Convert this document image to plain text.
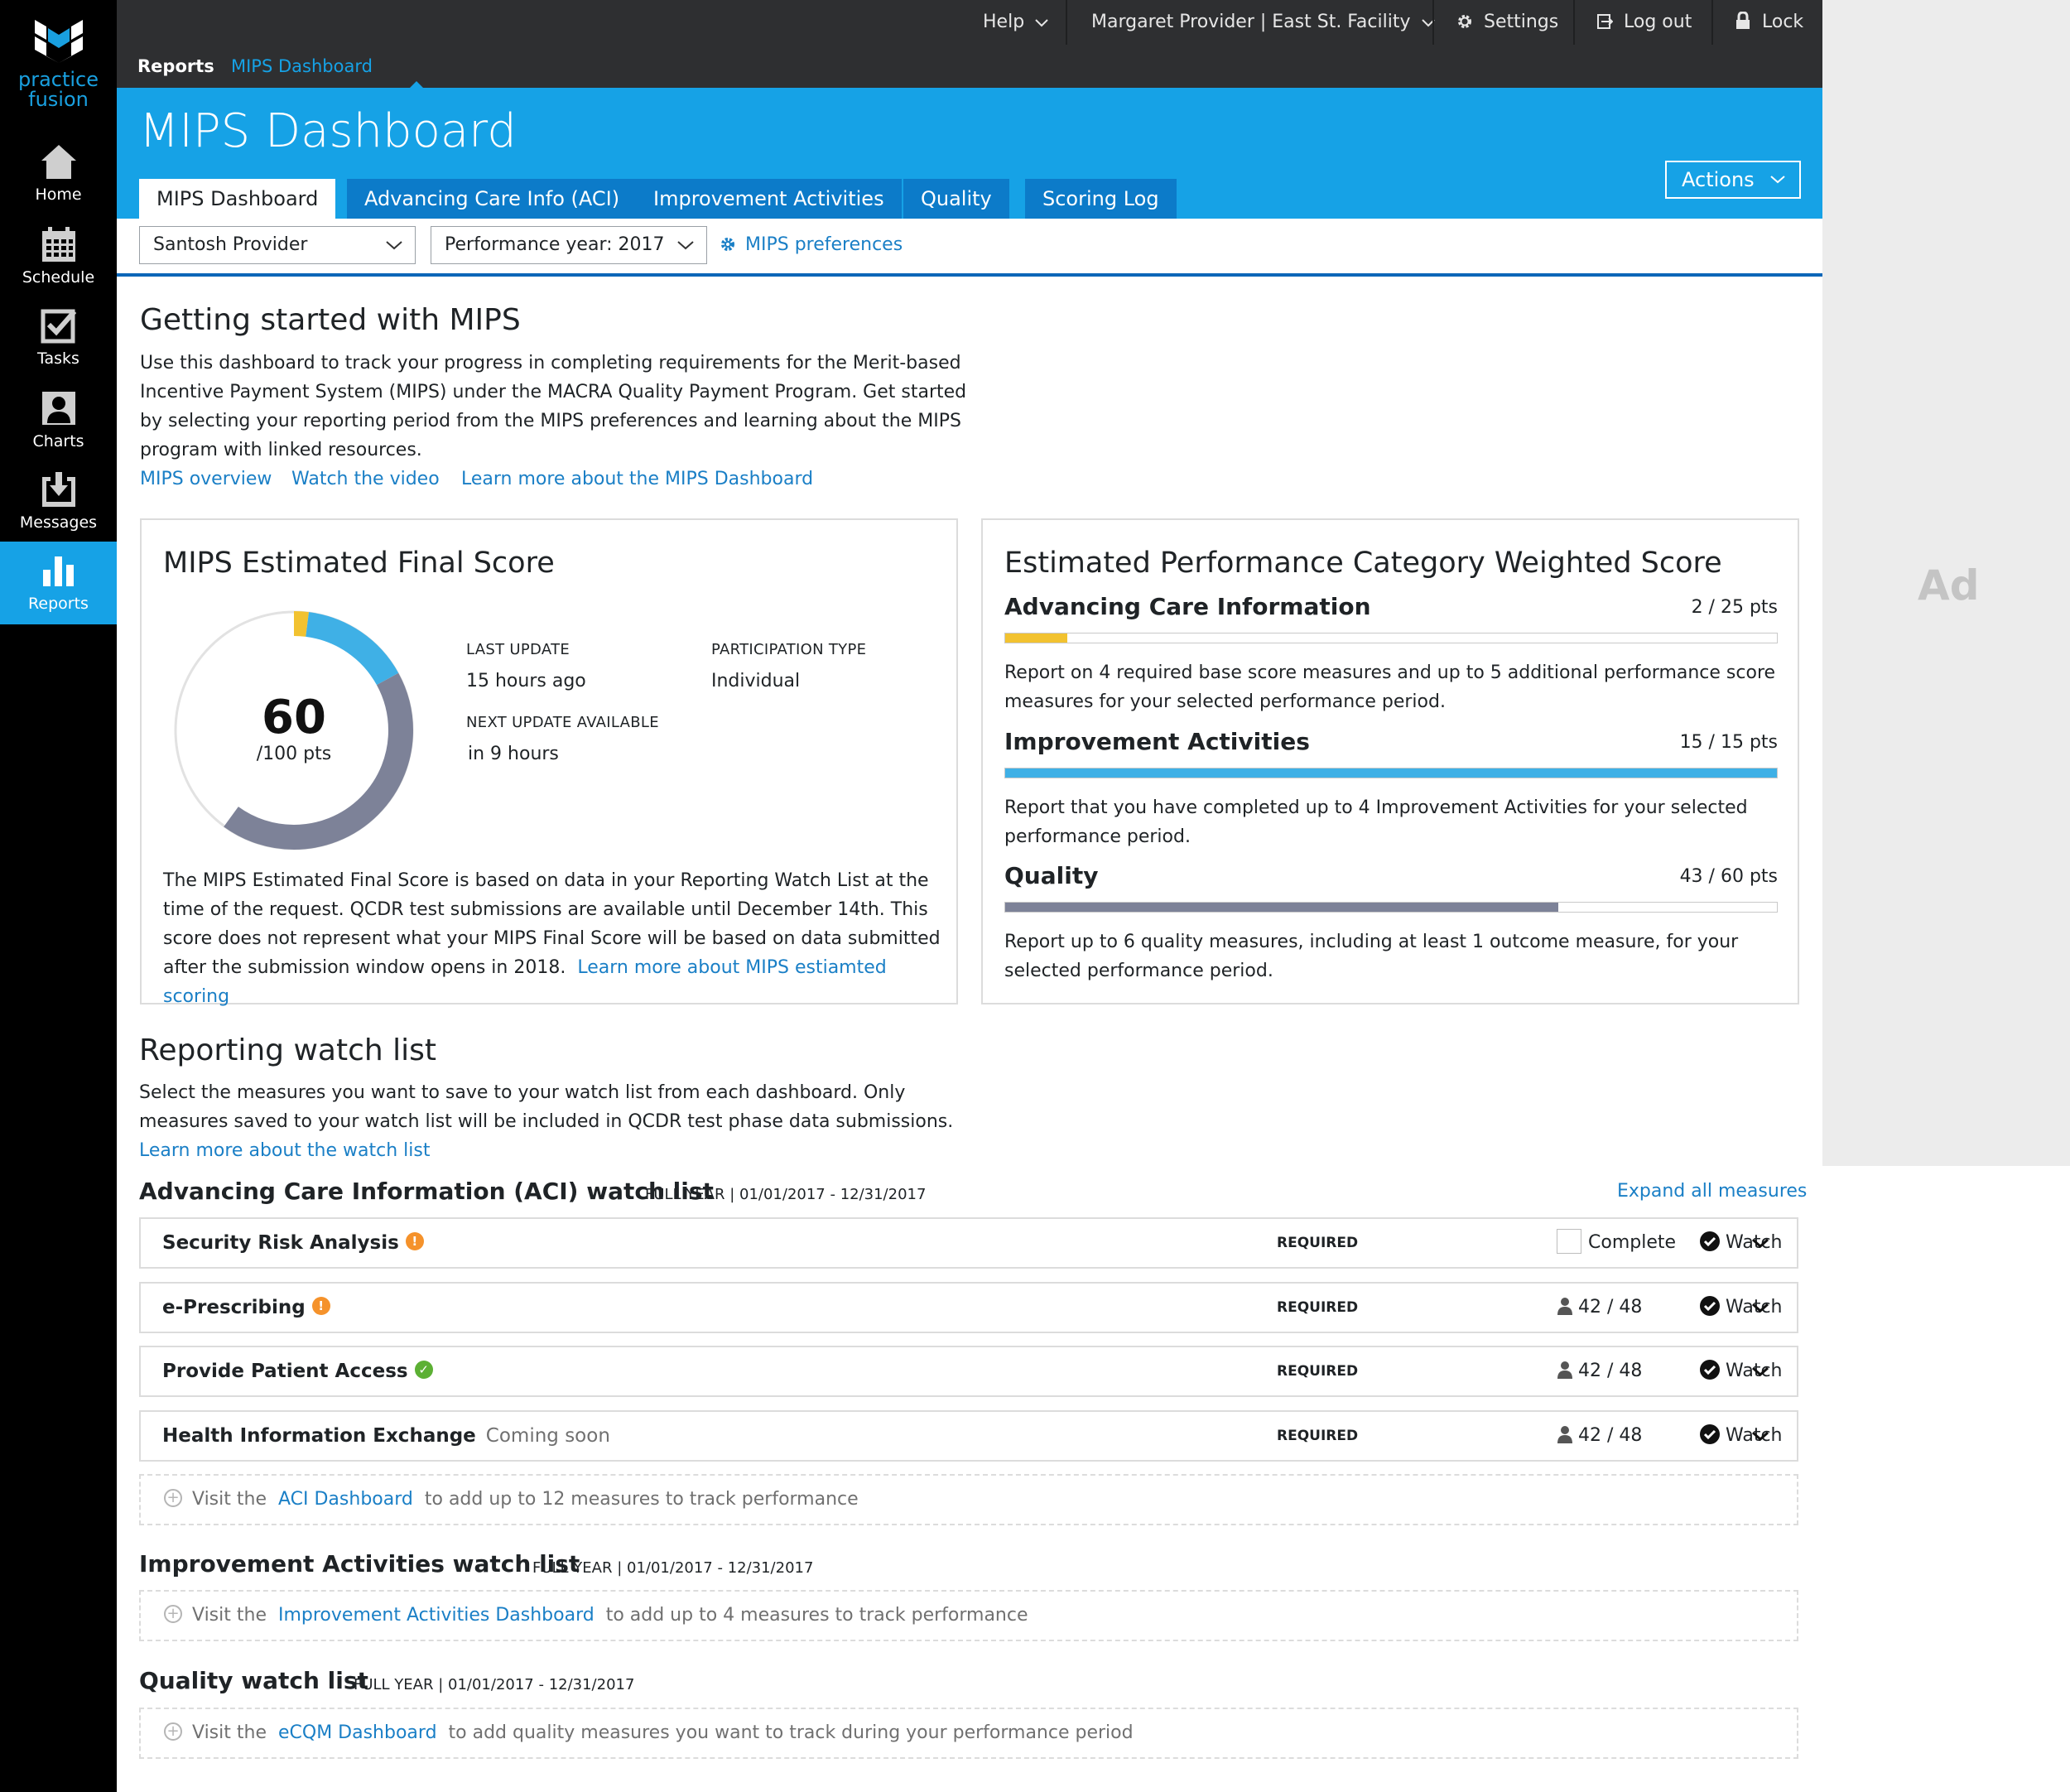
practice
fusion
Home
Schedule
Tasks
Charts
Messages
Reports
Help	Margaret Provider | East St. Facility	Settings	Log out	Lock
Reports MIPS Dashboard
MIPS Dashboard
MIPS Dashboard	Advancing Care Info (ACI)	Improvement Activities	Quality	Scoring Log
Actions
Santosh Provider	Performance year: 2017	MIPS preferences
Ad
Getting started with MIPS
Use this dashboard to track your progress in completing requirements for the Merit-based
Incentive Payment System (MIPS) under the MACRA Quality Payment Program. Get started
by selecting your reporting period from the MIPS preferences and learning about the MIPS
program with linked resources.
MIPS overview Watch the video Learn more about the MIPS Dashboard
MIPS Estimated Final Score
60
/100 pts
LAST UPDATE
15 hours ago
PARTICIPATION TYPE
Individual
NEXT UPDATE AVAILABLE
in 9 hours
The MIPS Estimated Final Score is based on data in your Reporting Watch List at the
time of the request. QCDR test submissions are available until December 14th. This
score does not represent what your MIPS Final Score will be based on data submitted
after the submission window opens in 2018. Learn more about MIPS estiamted scoring
Estimated Performance Category Weighted Score
Advancing Care Information	2 / 25 pts
Report on 4 required base score measures and up to 5 additional performance score
measures for your selected performance period.
Improvement Activities	15 / 15 pts
Report that you have completed up to 4 Improvement Activities for your selected
performance period.
Quality	43 / 60 pts
Report up to 6 quality measures, including at least 1 outcome measure, for your
selected performance period.
Reporting watch list
Select the measures you want to save to your watch list from each dashboard. Only
measures saved to your watch list will be included in QCDR test phase data submissions.
Learn more about the watch list
Advancing Care Information (ACI) watch list
FULL YEAR | 01/01/2017 - 12/31/2017	Expand all measures
Security Risk Analysis !	REQUIRED	Complete	Watch
e-Prescribing !	REQUIRED	42 / 48	Watch
Provide Patient Access ✓	REQUIRED	42 / 48	Watch
Health Information Exchange Coming soon	REQUIRED	42 / 48	Watch
+ Visit the ACI Dashboard to add up to 12 measures to track performance
Improvement Activities watch list
FULL YEAR | 01/01/2017 - 12/31/2017
+ Visit the Improvement Activities Dashboard to add up to 4 measures to track performance
Quality watch list
FULL YEAR | 01/01/2017 - 12/31/2017
+ Visit the eCQM Dashboard to add quality measures you want to track during your performance period
